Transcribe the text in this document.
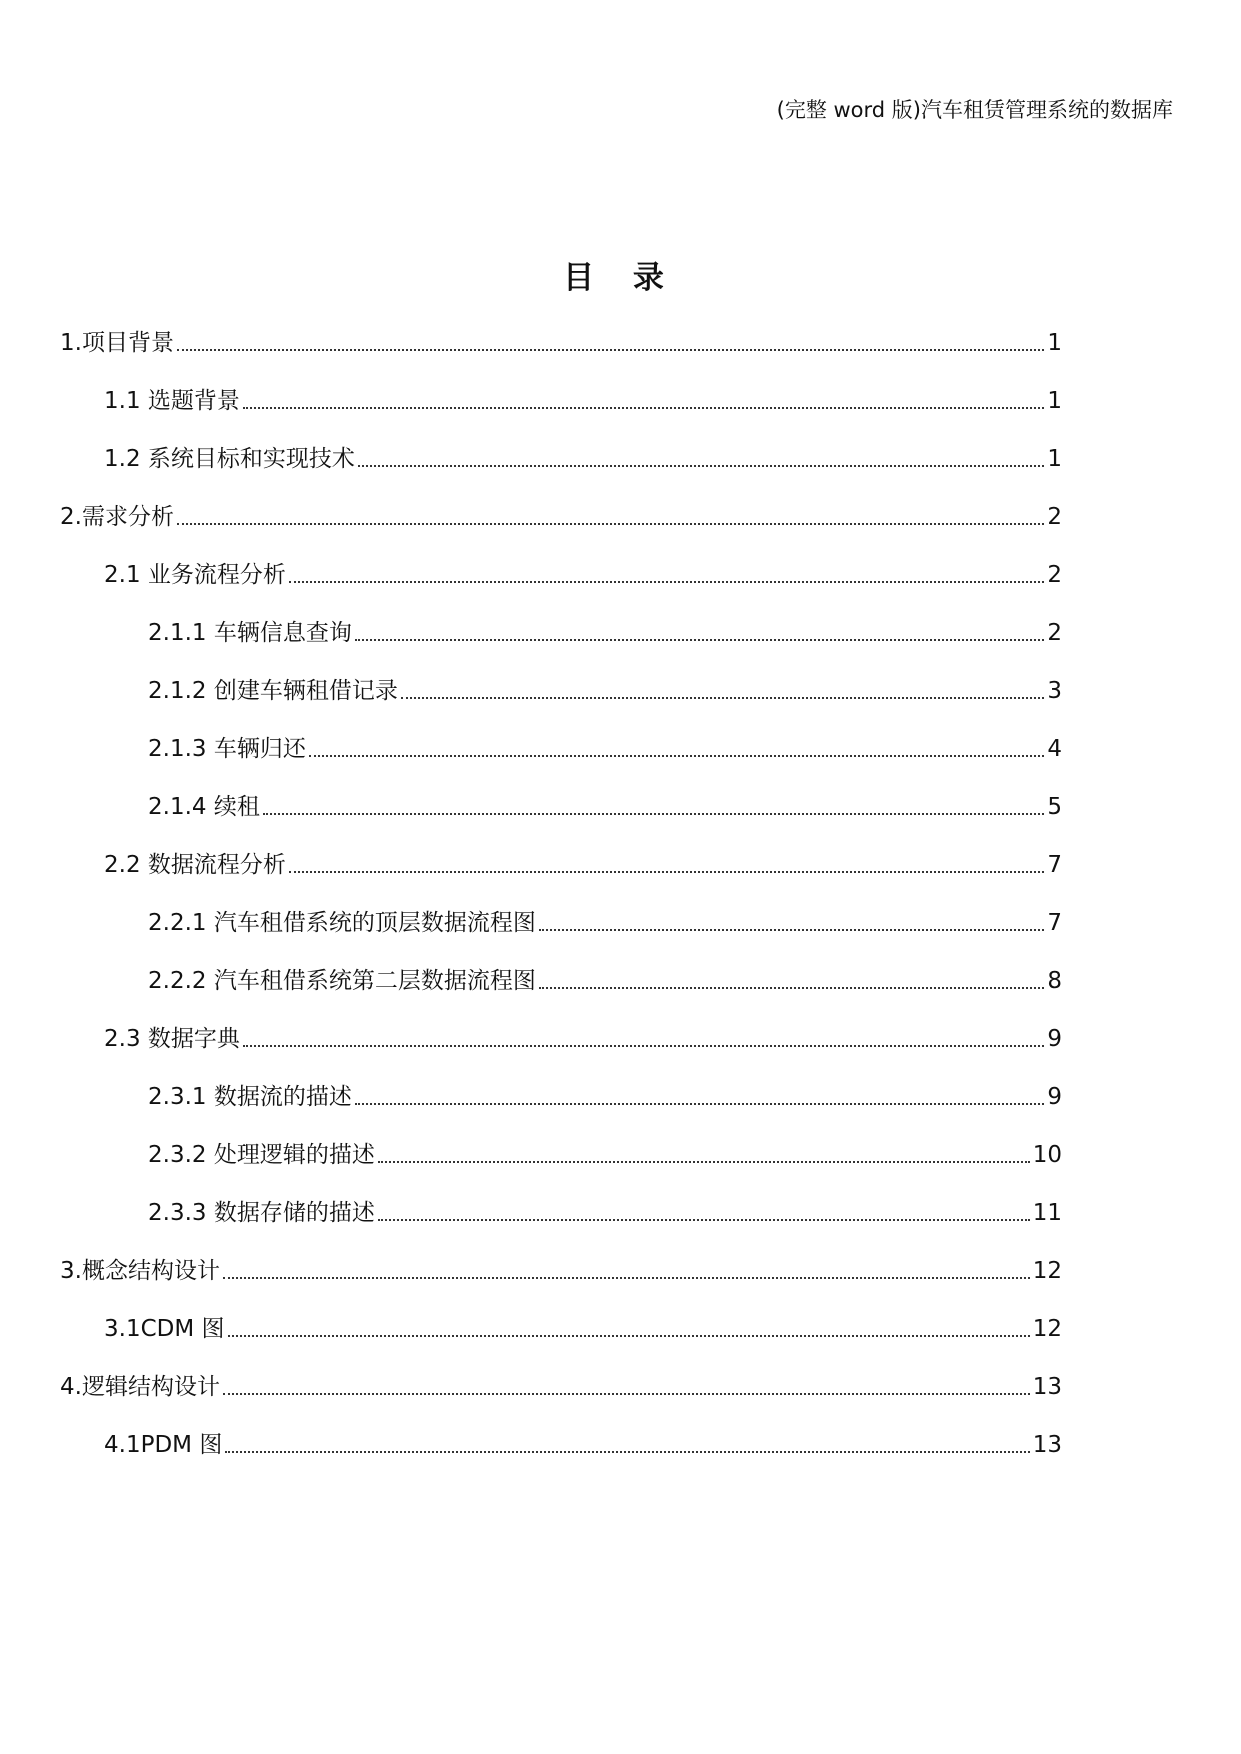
(完整 word 版)汽车租赁管理系统的数据库
目 录
1.项目背景	1
1.1 选题背景	1
1.2 系统目标和实现技术	1
2.需求分析	2
2.1 业务流程分析	2
2.1.1 车辆信息查询	2
2.1.2 创建车辆租借记录	3
2.1.3 车辆归还	4
2.1.4 续租	5
2.2 数据流程分析	7
2.2.1 汽车租借系统的顶层数据流程图	7
2.2.2 汽车租借系统第二层数据流程图	8
2.3 数据字典	9
2.3.1 数据流的描述	9
2.3.2 处理逻辑的描述	10
2.3.3 数据存储的描述	11
3.概念结构设计	12
3.1CDM 图	12
4.逻辑结构设计	13
4.1PDM 图	13
